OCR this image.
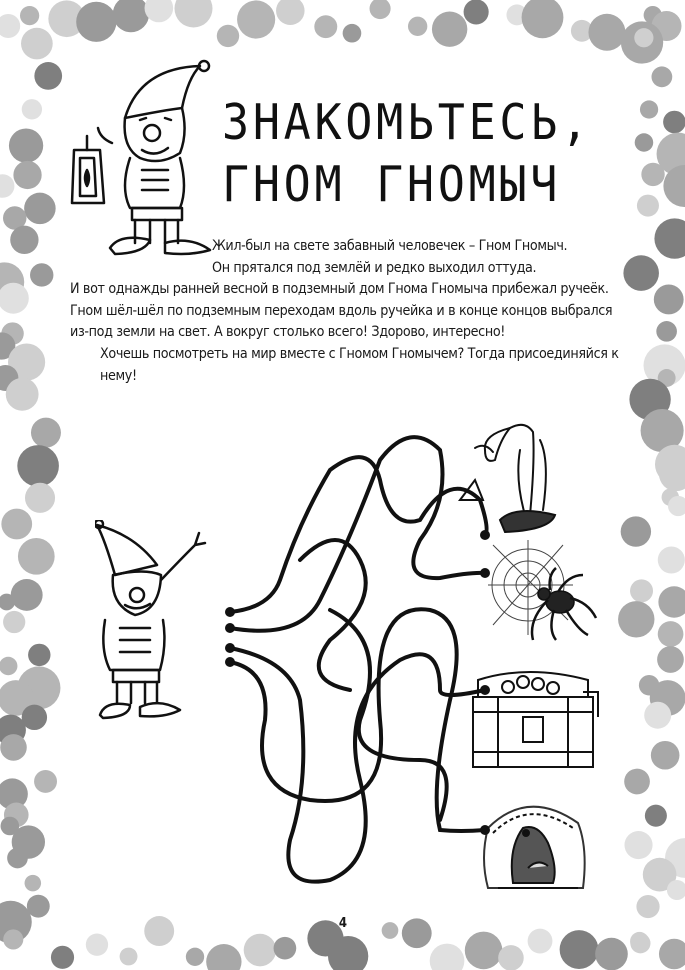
ЗНАКОМЬТЕСЬ,
ГНОМ ГНОМЫЧ

Жил-был на свете забавный человечек – Гном Гномыч.

Он прятался под землёй и редко выходил оттуда.

И вот однажды ранней весной в подземный дом Гнома Гномыча прибежал ручеёк. Гном шёл-шёл по подземным переходам вдоль ручейка и в конце концов выбрался из-под земли на свет. А вокруг столько всего! Здорово, интересно!

Хочешь посмотреть на мир вместе с Гномом Гномычем? Тогда присоединяйся к нему!

4
